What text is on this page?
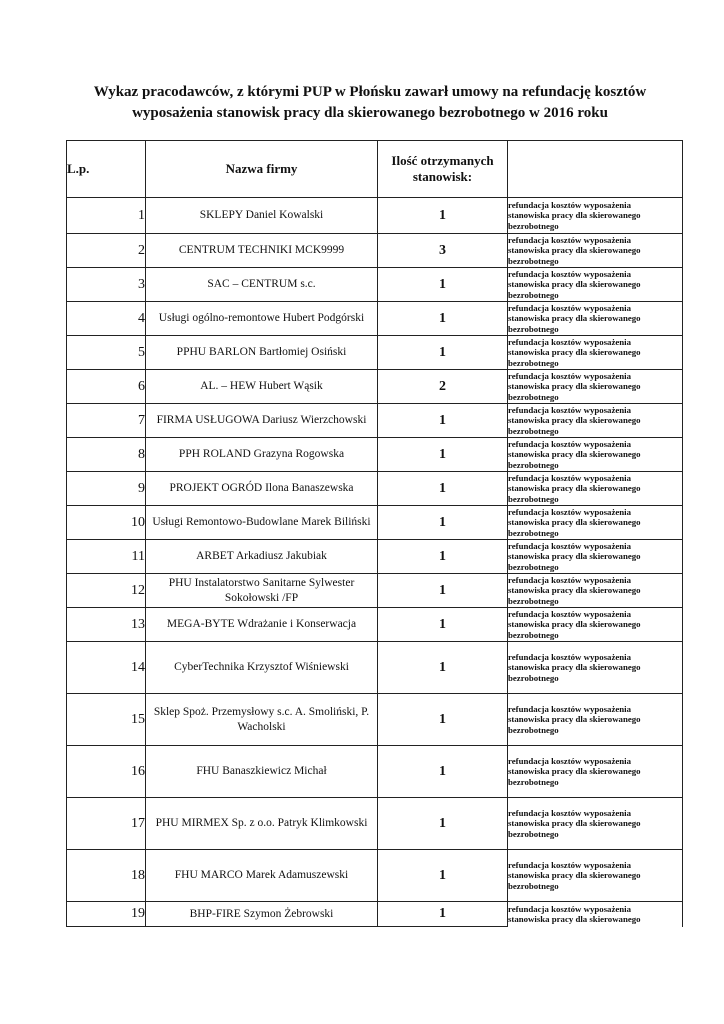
Wykaz pracodawców, z którymi PUP w Płońsku zawarł umowy na refundację kosztów
wyposażenia stanowisk pracy dla skierowanego bezrobotnego w 2016 roku
L.p.	Nazwa firmy	Ilość otrzymanych
stanowisk:	

1	SKLEPY Daniel Kowalski	1	refundacja kosztów wyposażenia
stanowiska pracy dla skierowanego
bezrobotnego

2	CENTRUM TECHNIKI MCK9999	3	refundacja kosztów wyposażenia
stanowiska pracy dla skierowanego
bezrobotnego

3	SAC – CENTRUM s.c.	1	refundacja kosztów wyposażenia
stanowiska pracy dla skierowanego
bezrobotnego

4	Usługi ogólno-remontowe Hubert Podgórski	1	refundacja kosztów wyposażenia
stanowiska pracy dla skierowanego
bezrobotnego

5	PPHU BARLON Bartłomiej Osiński	1	refundacja kosztów wyposażenia
stanowiska pracy dla skierowanego
bezrobotnego

6	AL. – HEW Hubert Wąsik	2	refundacja kosztów wyposażenia
stanowiska pracy dla skierowanego
bezrobotnego

7	FIRMA USŁUGOWA Dariusz Wierzchowski	1	refundacja kosztów wyposażenia
stanowiska pracy dla skierowanego
bezrobotnego

8	PPH ROLAND Grazyna Rogowska	1	refundacja kosztów wyposażenia
stanowiska pracy dla skierowanego
bezrobotnego

9	PROJEKT OGRÓD Ilona Banaszewska	1	refundacja kosztów wyposażenia
stanowiska pracy dla skierowanego
bezrobotnego

10	Usługi Remontowo-Budowlane Marek Biliński	1	refundacja kosztów wyposażenia
stanowiska pracy dla skierowanego
bezrobotnego

11	ARBET Arkadiusz Jakubiak	1	refundacja kosztów wyposażenia
stanowiska pracy dla skierowanego
bezrobotnego

12	PHU Instalatorstwo Sanitarne Sylwester Sokołowski /FP	1	refundacja kosztów wyposażenia
stanowiska pracy dla skierowanego
bezrobotnego

13	MEGA-BYTE Wdrażanie i Konserwacja	1	refundacja kosztów wyposażenia
stanowiska pracy dla skierowanego
bezrobotnego

14	CyberTechnika Krzysztof Wiśniewski	1	refundacja kosztów wyposażenia
stanowiska pracy dla skierowanego
bezrobotnego

15	Sklep Spoż. Przemysłowy s.c. A. Smoliński, P. Wacholski	1	refundacja kosztów wyposażenia
stanowiska pracy dla skierowanego
bezrobotnego

16	FHU Banaszkiewicz Michał	1	refundacja kosztów wyposażenia
stanowiska pracy dla skierowanego
bezrobotnego

17	PHU MIRMEX Sp. z o.o. Patryk Klimkowski	1	refundacja kosztów wyposażenia
stanowiska pracy dla skierowanego
bezrobotnego

18	FHU MARCO Marek Adamuszewski	1	refundacja kosztów wyposażenia
stanowiska pracy dla skierowanego
bezrobotnego

19	BHP-FIRE Szymon Żebrowski	1	refundacja kosztów wyposażenia
stanowiska pracy dla skierowanego
